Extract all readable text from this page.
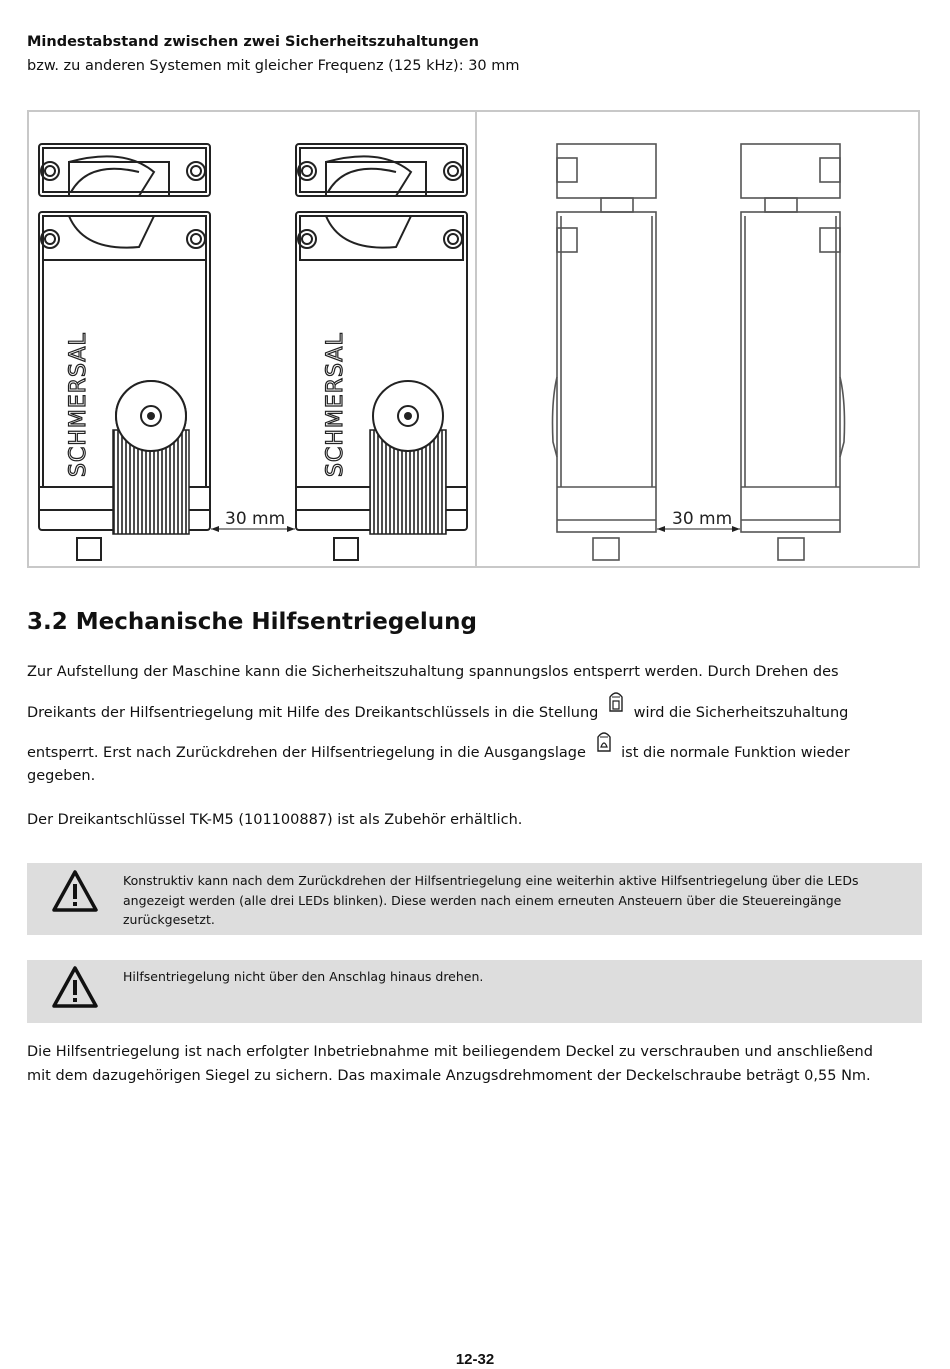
Mindestabstand zwischen zwei Sicherheitszuhaltungen
bzw. zu anderen Systemen mit gleicher Frequenz (125 kHz): 30 mm
SCHMERSAL	SCHMERSAL
30 mm	30 mm
3.2 Mechanische Hilfsentriegelung
Zur Aufstellung der Maschine kann die Sicherheitszuhaltung spannungslos entsperrt werden. Durch Drehen des
Dreikants der Hilfsentriegelung mit Hilfe des Dreikantschlüssels in die Stellung wird die Sicherheitszuhaltung
entsperrt. Erst nach Zurückdrehen der Hilfsentriegelung in die Ausgangslage ist die normale Funktion wieder
gegeben.
Der Dreikantschlüssel TK-M5 (101100887) ist als Zubehör erhältlich.
Konstruktiv kann nach dem Zurückdrehen der Hilfsentriegelung eine weiterhin aktive Hilfsentriegelung über die LEDs
angezeigt werden (alle drei LEDs blinken). Diese werden nach einem erneuten Ansteuern über die Steuereingänge
zurückgesetzt.
Hilfsentriegelung nicht über den Anschlag hinaus drehen.
Die Hilfsentriegelung ist nach erfolgter Inbetriebnahme mit beiliegendem Deckel zu verschrauben und anschließend
mit dem dazugehörigen Siegel zu sichern. Das maximale Anzugsdrehmoment der Deckelschraube beträgt 0,55 Nm.
12-32
